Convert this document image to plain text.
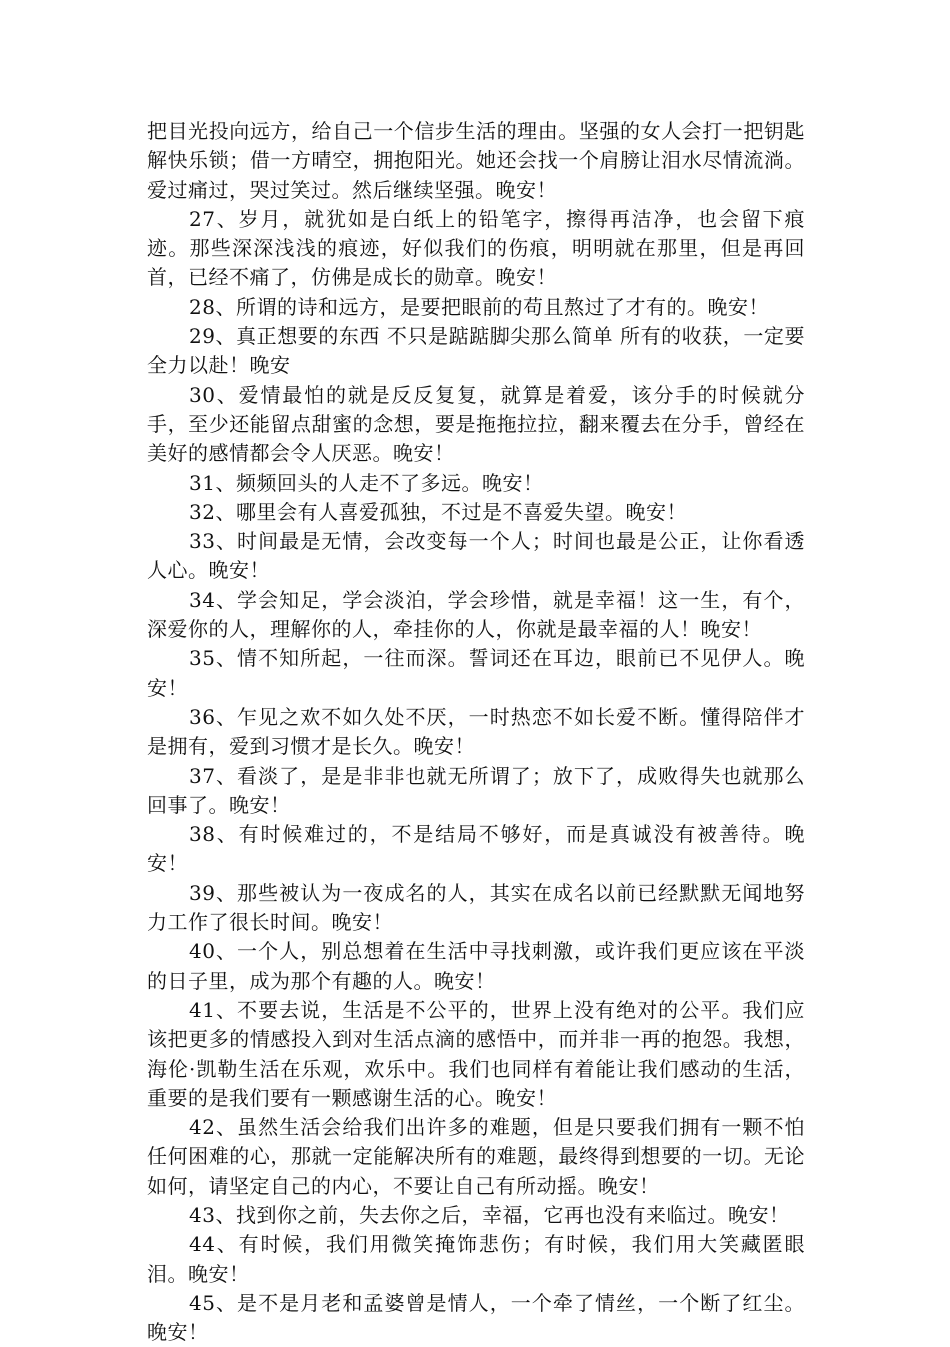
把目光投向远方，给自己一个信步生活的理由。坚强的女人会打一把钥匙解快乐锁；借一方晴空，拥抱阳光。她还会找一个肩膀让泪水尽情流淌。爱过痛过，哭过笑过。然后继续坚强。晚安！

27、岁月，就犹如是白纸上的铅笔字，擦得再洁净，也会留下痕迹。那些深深浅浅的痕迹，好似我们的伤痕，明明就在那里，但是再回首，已经不痛了，仿佛是成长的勋章。晚安！

28、所谓的诗和远方，是要把眼前的苟且熬过了才有的。晚安！

29、真正想要的东西 不只是踮踮脚尖那么简单 所有的收获，一定要全力以赴！晚安

30、爱情最怕的就是反反复复，就算是着爱，该分手的时候就分手，至少还能留点甜蜜的念想，要是拖拖拉拉，翻来覆去在分手，曾经在美好的感情都会令人厌恶。晚安！

31、频频回头的人走不了多远。晚安！

32、哪里会有人喜爱孤独，不过是不喜爱失望。晚安！

33、时间最是无情，会改变每一个人；时间也最是公正，让你看透人心。晚安！

34、学会知足，学会淡泊，学会珍惜，就是幸福！这一生，有个，深爱你的人，理解你的人，牵挂你的人，你就是最幸福的人！晚安！

35、情不知所起，一往而深。誓词还在耳边，眼前已不见伊人。晚安！

36、乍见之欢不如久处不厌，一时热恋不如长爱不断。懂得陪伴才是拥有，爱到习惯才是长久。晚安！

37、看淡了，是是非非也就无所谓了；放下了，成败得失也就那么回事了。晚安！

38、有时候难过的，不是结局不够好，而是真诚没有被善待。晚安！

39、那些被认为一夜成名的人，其实在成名以前已经默默无闻地努力工作了很长时间。晚安！

40、一个人，别总想着在生活中寻找刺激，或许我们更应该在平淡的日子里，成为那个有趣的人。晚安！

41、不要去说，生活是不公平的，世界上没有绝对的公平。我们应该把更多的情感投入到对生活点滴的感悟中，而并非一再的抱怨。我想，海伦·凯勒生活在乐观，欢乐中。我们也同样有着能让我们感动的生活，重要的是我们要有一颗感谢生活的心。晚安！

42、虽然生活会给我们出许多的难题，但是只要我们拥有一颗不怕任何困难的心，那就一定能解决所有的难题，最终得到想要的一切。无论如何，请坚定自己的内心，不要让自己有所动摇。晚安！

43、找到你之前，失去你之后，幸福，它再也没有来临过。晚安！

44、有时候，我们用微笑掩饰悲伤；有时候，我们用大笑藏匿眼泪。晚安！

45、是不是月老和孟婆曾是情人，一个牵了情丝，一个断了红尘。晚安！
